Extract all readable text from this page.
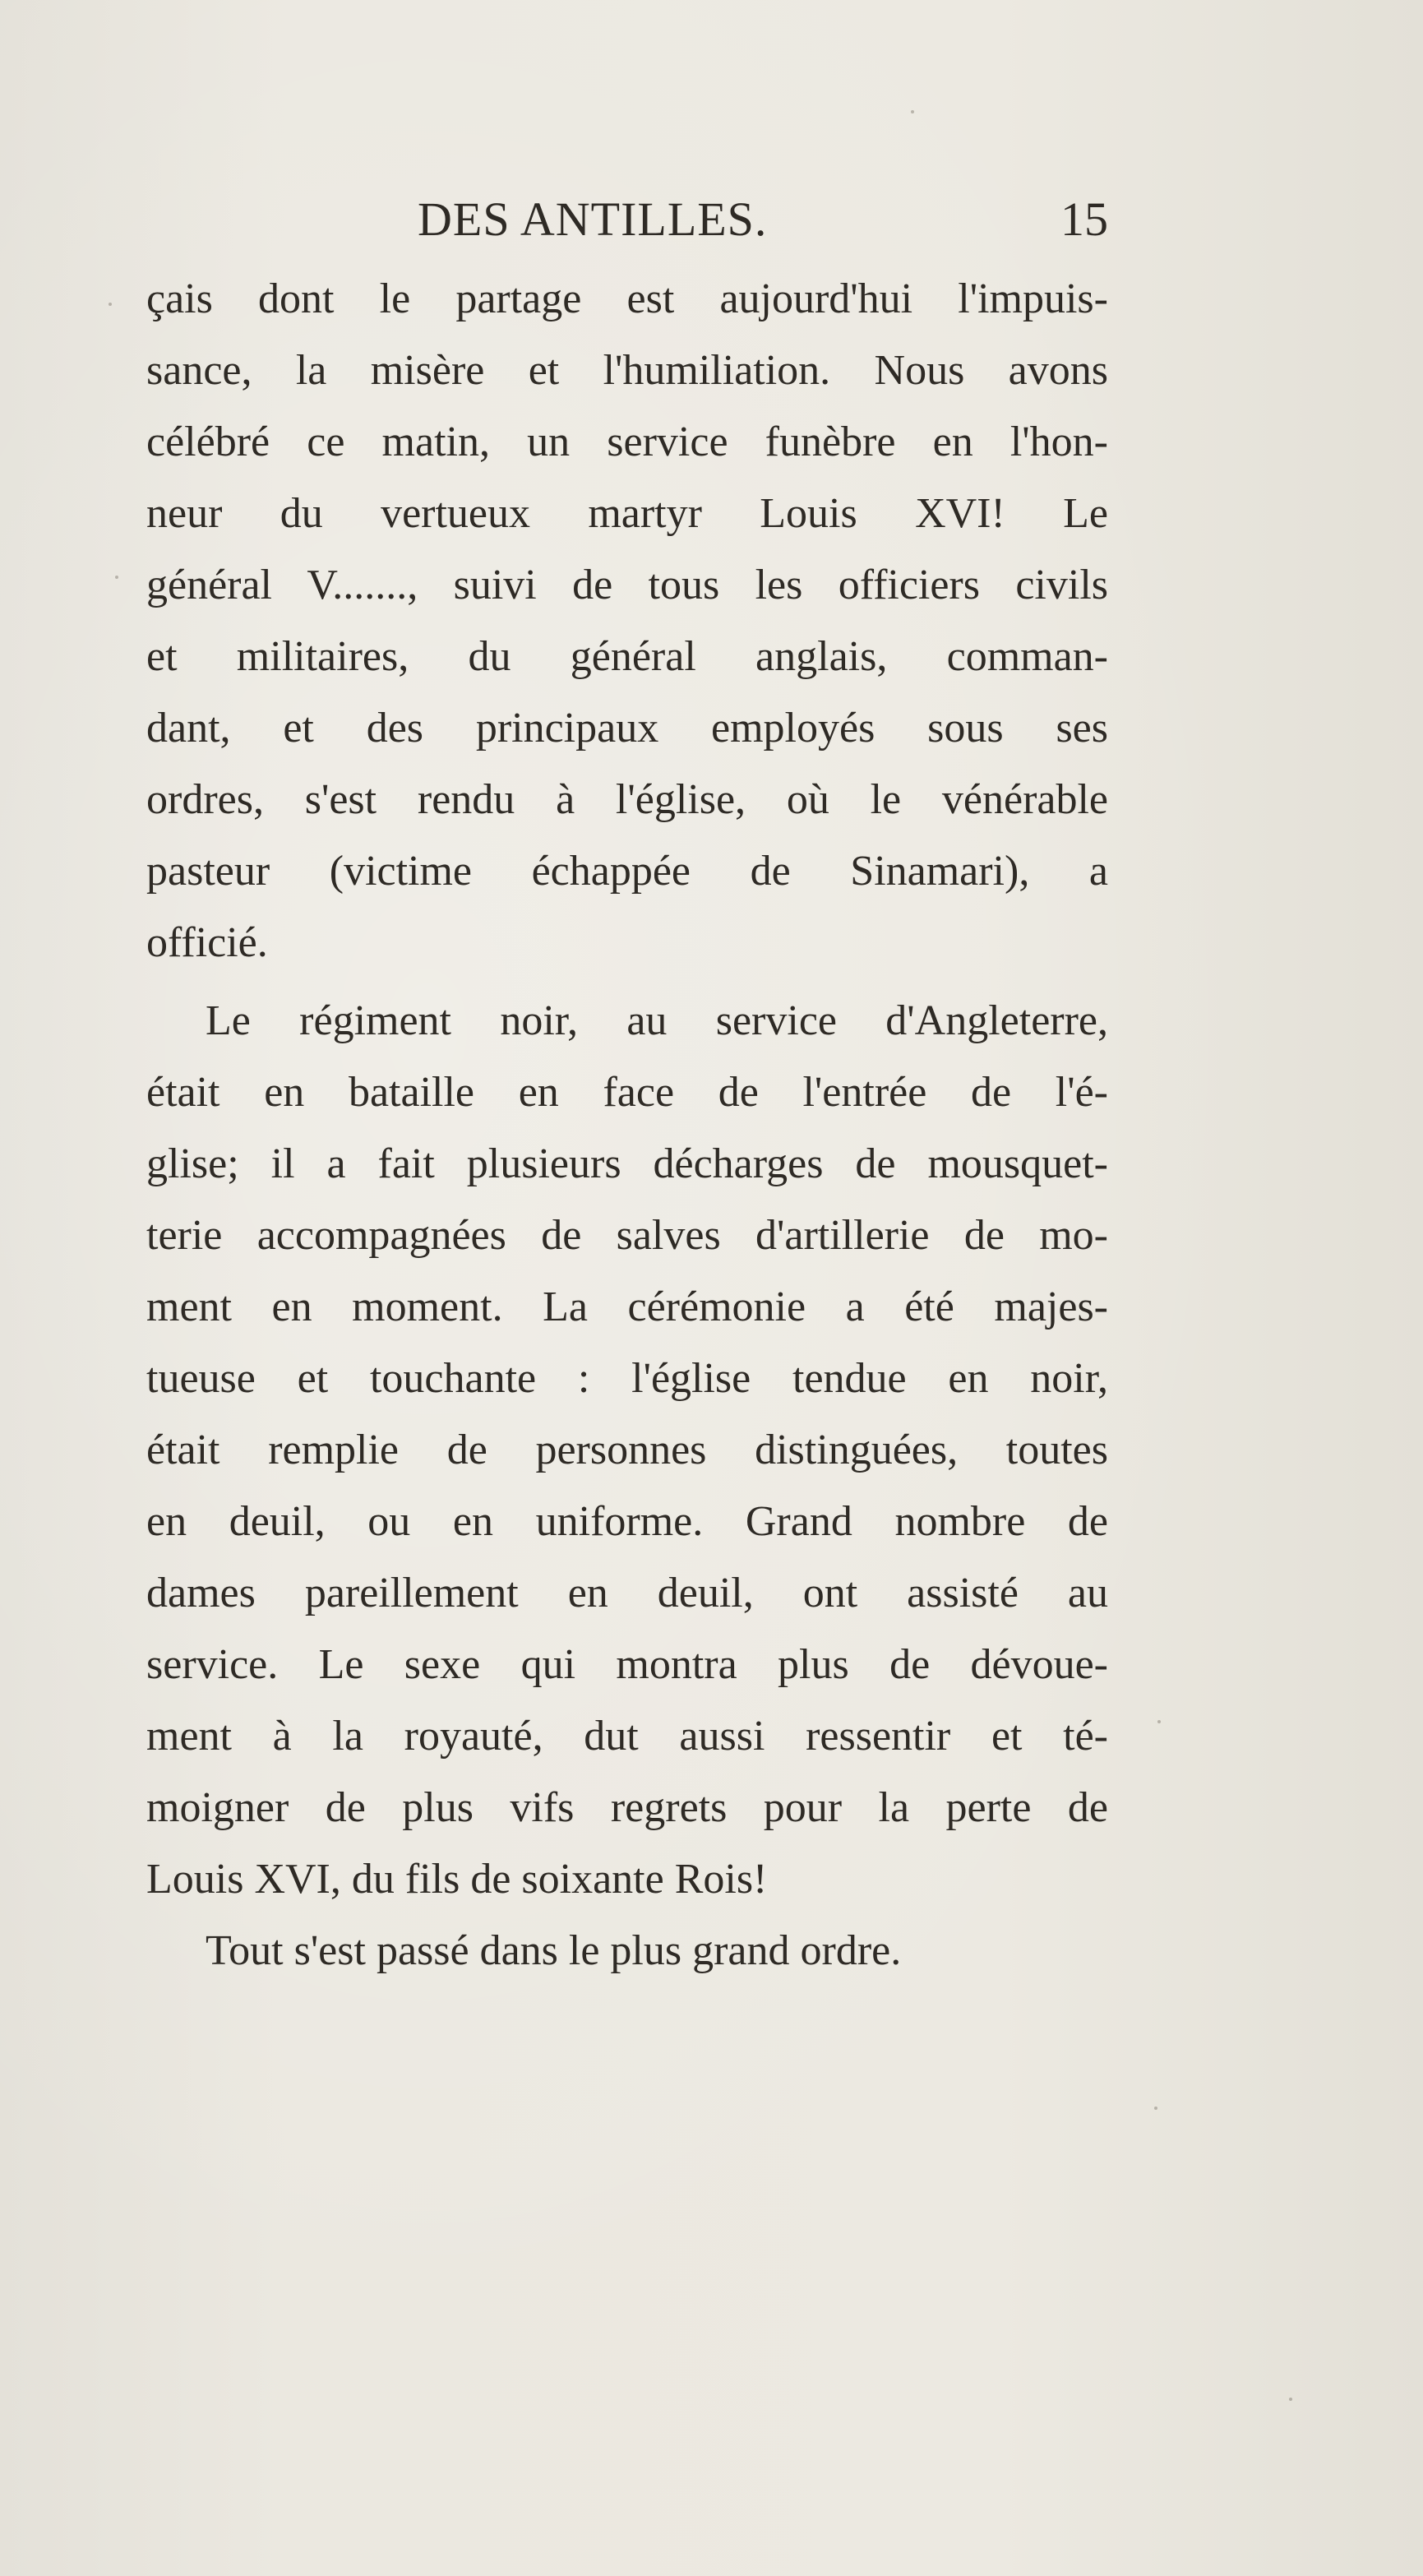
DES ANTILLES.	15
çais dont le partage est aujourd'hui l'impuis-
sance, la misère et l'humiliation. Nous avons
célébré ce matin, un service funèbre en l'hon-
neur du vertueux martyr Louis XVI! Le
général V......., suivi de tous les officiers civils
et militaires, du général anglais, comman-
dant, et des principaux employés sous ses
ordres, s'est rendu à l'église, où le vénérable
pasteur (victime échappée de Sinamari), a
officié.
Le régiment noir, au service d'Angleterre,
était en bataille en face de l'entrée de l'é-
glise; il a fait plusieurs décharges de mousquet-
terie accompagnées de salves d'artillerie de mo-
ment en moment. La cérémonie a été majes-
tueuse et touchante : l'église tendue en noir,
était remplie de personnes distinguées, toutes
en deuil, ou en uniforme. Grand nombre de
dames pareillement en deuil, ont assisté au
service. Le sexe qui montra plus de dévoue-
ment à la royauté, dut aussi ressentir et té-
moigner de plus vifs regrets pour la perte de
Louis XVI, du fils de soixante Rois!
Tout s'est passé dans le plus grand ordre.
